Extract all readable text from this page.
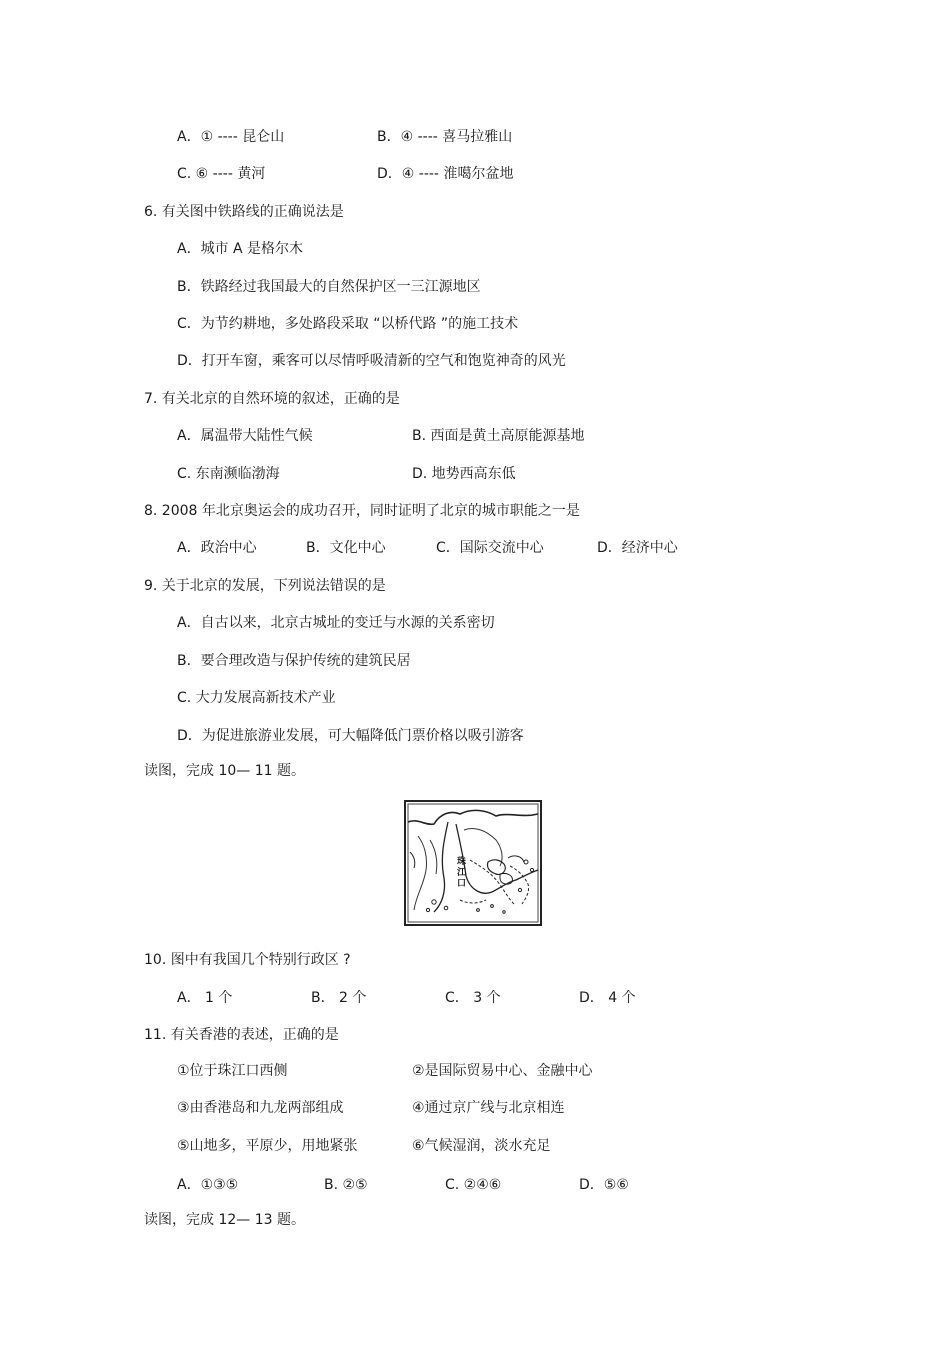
A．① ---- 昆仑山	B．④ ---- 喜马拉雅山
C. ⑥ ---- 黄河	D．④ ---- 淮噶尔盆地
6. 有关图中铁路线的正确说法是
A．城市 A 是格尔木
B．铁路经过我国最大的自然保护区一三江源地区
C．为节约耕地，多处路段采取 “以桥代路 ”的施工技术
D．打开车窗，乘客可以尽情呼吸清新的空气和饱览神奇的风光
7. 有关北京的自然环境的叙述，正确的是
A．属温带大陆性气候	B. 西面是黄土高原能源基地
C. 东南濒临渤海	D. 地势西高东低
8. 2008 年北京奥运会的成功召开，同时证明了北京的城市职能之一是
A．政治中心	B．文化中心	C．国际交流中心	D．经济中心
9. 关于北京的发展，下列说法错误的是
A．自古以来，北京古城址的变迁与水源的关系密切
B．要合理改造与保护传统的建筑民居
C. 大力发展高新技术产业
D．为促进旅游业发展，可大幅降低门票价格以吸引游客
读图，完成 10— 11 题。
珠 江 口
10. 图中有我国几个特别行政区 ?
A． 1 个	B． 2 个	C． 3 个	D． 4 个
11. 有关香港的表述，正确的是
①位于珠江口西侧	②是国际贸易中心、金融中心
③由香港岛和九龙两部组成	④通过京广线与北京相连
⑤山地多，平原少，用地紧张	⑥气候湿润，淡水充足
A．①③⑤	B. ②⑤	C. ②④⑥	D．⑤⑥
读图，完成 12— 13 题。
